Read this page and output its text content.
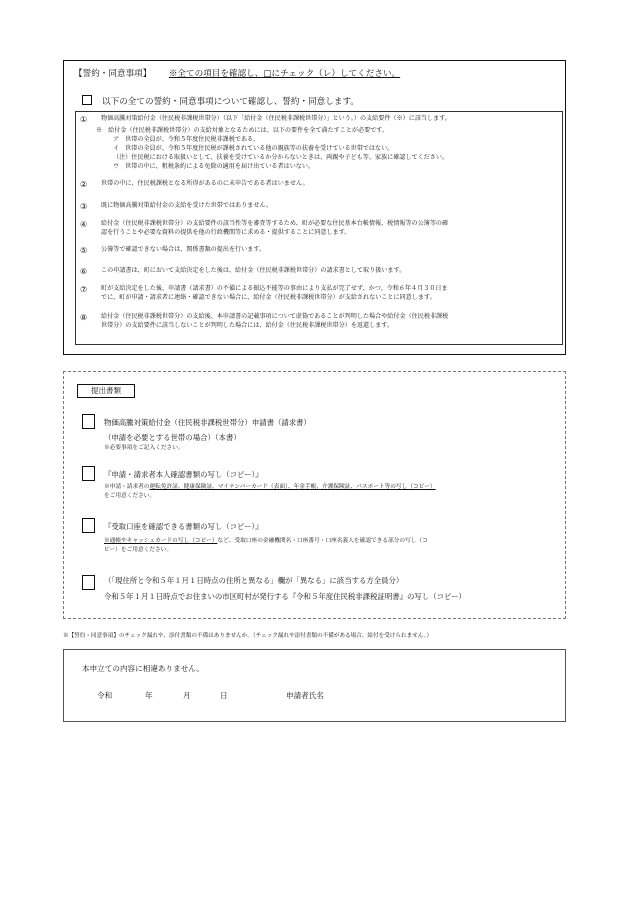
【誓約・同意事項】 ※全ての項目を確認し、□にチェック（レ）してください。
以下の全ての誓約・同意事項について確認し、誓約・同意します。
① 物価高騰対策給付金（住民税非課税世帯分）（以下「給付金（住民税非課税世帯分）」という。）の支給要件（※）に該当します。
※　給付金（住民税非課税世帯分）の支給対象となるためには、以下の要件を全て満たすことが必要です。
ア　世帯の全員が、令和５年度住民税非課税である。
イ　世帯の全員が、令和５年度住民税が課税されている他の親族等の扶養を受けている世帯ではない。
（注）住民税における取扱いとして、扶養を受けているか分からないときは、両親や子ども等、家族に確認してください。
ウ　世帯の中に、租税条約による免除の適用を届け出ている者はいない。
② 世帯の中に、住民税課税となる所得があるのに未申告である者はいません。
③ 既に物価高騰対策給付金の支給を受けた世帯ではありません。
④ 給付金（住民税非課税世帯分）の支給要件の該当性等を審査等するため、町が必要な住民基本台帳情報、税情報等の公簿等の確
認を行うことや必要な資料の提供を他の行政機関等に求める・提供することに同意します。
⑤ 公簿等で確認できない場合は、関係書類の提出を行います。
⑥ この申請書は、町において支給決定をした後は、給付金（住民税非課税世帯分）の請求書として取り扱います。
⑦ 町が支給決定をした後、申請書（請求書）の不備による振込不能等の事由により支払が完了せず、かつ、令和６年４月３０日ま
でに、町が申請・請求者に連絡・確認できない場合に、給付金（住民税非課税世帯分）が支給されないことに同意します。
⑧ 給付金（住民税非課税世帯分）の支給後、本申請書の記載事項について虚偽であることが判明した場合や給付金（住民税非課税
世帯分）の支給要件に該当しないことが判明した場合には、給付金（住民税非課税世帯分）を返還します。
提出書類
物価高騰対策給付金（住民税非課税世帯分）申請書（請求書）
（申請を必要とする世帯の場合）（本書）
※必要事項をご記入ください。
『申請・請求者本人確認書類の写し（コピー）』
※申請・請求者の運転免許証、健康保険証、マイナンバーカード（表面）、年金手帳、介護保険証、パスポート等の写し（コピー）
をご用意ください。
『受取口座を確認できる書類の写し（コピー）』
※通帳やキャッシュカードの写し（コピー）など、受取口座の金融機関名・口座番号・口座名義人を確認できる部分の写し（コ
ピー）をご用意ください。
（「現住所と令和５年１月１日時点の住所と異なる」欄が「異なる」に該当する方全員分）
令和５年１月１日時点でお住まいの市区町村が発行する『令和５年度住民税非課税証明書』の写し（コピー）
※【誓約・同意事項】のチェック漏れや、添付書類の不備はありませんか。（チェック漏れや添付書類の不備がある場合、給付を受けられません。）
本申立ての内容に相違ありません。
令和	年	月	日	申請者氏名
